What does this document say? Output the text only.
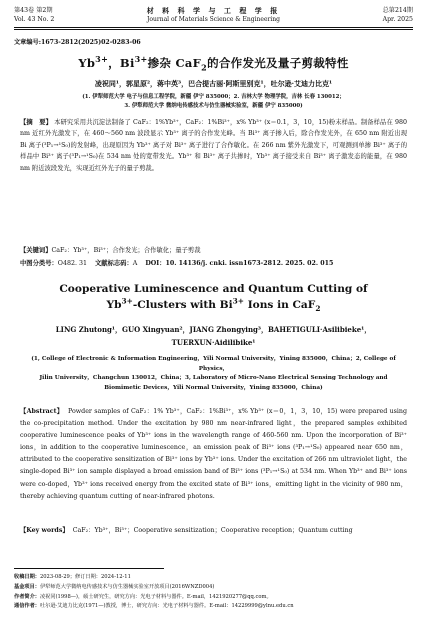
第43卷 第2期
Vol. 43 No. 2
材 料 科 学 与 工 程 学 报
Journal of Materials Science & Engineering
总第214期
Apr. 2025
文章编号:1673-2812(2025)02-0283-06
$Yb^{3+}$，$Bi^{3+}$掺杂 CaF$_2$的合作发光及量子剪裁特性
凌祝同¹，郭星原²，蒋中英³，巴合提古丽·阿斯里别克¹，吐尔逊·艾迪力比克¹
(1. 伊犁师范大学 电子与信息工程学院，新疆 伊宁 835000；2. 吉林大学 物理学院，吉林 长春 130012；
3. 伊犁师范大学 微纳电传感技术与仿生器械实验室，新疆 伊宁 835000)
【摘　要】 本研究采用共沉淀法制备了 CaF₂：1%Yb³⁺，CaF₂：1%Bi³⁺，x% Yb³⁺ (x＝0.1，3，10，15)粉末样品。制备样品在 980 nm 近红外光激发下，在 460～560 nm 波段显示 Yb³⁺ 离子的合作发光峰。当 Bi³⁺ 离子掺入后，除合作发光外，在 650 nm 附近出现 Bi 离子(³P₁→¹S₀)的发射峰，出现原因为 Yb³⁺ 离子对 Bi³⁺ 离子进行了合作敏化。在 266 nm 紫外光激发下，可观测到单掺 Bi³⁺ 离子的样品中 Bi³⁺ 离子(³P₁→¹S₀)在 534 nm 处的宽带发光。Yb³⁺ 和 Bi³⁺ 离子共掺时，Yb³⁺ 离子接受来自 Bi³⁺ 离子激发态的能量，在 980 nm 附近波段发光，实现近红外光子的量子剪裁。
【关键词】CaF₂：Yb³⁺，Bi³⁺；合作发光；合作敏化；量子剪裁
中图分类号：O482. 31 文献标志码：A DOI：10. 14136/j. cnki. issn1673-2812. 2025. 02. 015
Cooperative Luminescence and Quantum Cutting of
$Yb^{3+}$-Clusters with $Bi^{3+}$ Ions in CaF$_2$
LING Zhutong¹，GUO Xingyuan²，JIANG Zhongying³，BAHETIGULI·Asilibieke¹，
TUERXUN·Aidilibike¹
(1, College of Electronic & Information Engineering，Yili Normal University，Yining 835000，China；2, College of Physics，
Jilin University，Changchun 130012，China；3, Laboratory of Micro-Nano Electrical Sensing Technology and
Biomimetic Devices，Yili Normal University，Yining 835000，China)
【Abstract】 Powder samples of CaF₂：1% Yb³⁺，CaF₂：1%Bi³⁺，x% Yb³⁺ (x＝0，1，3，10，15) were prepared using the co-precipitation method. Under the excitation by 980 nm near-infrared light，the prepared samples exhibited cooperative luminescence peaks of Yb³⁺ ions in the wavelength range of 460-560 nm. Upon the incorporation of Bi³⁺ ions，in addition to the cooperative luminescence，an emission peak of Bi³⁺ ions (³P₁→¹S₀) appeared near 650 nm，attributed to the cooperative sensitization of Bi³⁺ ions by Yb³⁺ ions. Under the excitation of 266 nm ultraviolet light，the single-doped Bi³⁺ ion sample displayed a broad emission band of Bi³⁺ ions (³P₁→¹S₀) at 534 nm. When Yb³⁺ and Bi³⁺ ions were co-doped，Yb³⁺ ions received energy from the excited state of Bi³⁺ ions，emitting light in the vicinity of 980 nm，thereby achieving quantum cutting of near-infrared photons.
【Key words】 CaF₂：Yb³⁺，Bi³⁺；Cooperative sensitization；Cooperative reception；Quantum cutting
收稿日期：2023-08-29；修订日期：2024-12-11
基金项目：伊犁师范大学微纳电传感技术与仿生器械实验室开放项目(2016WNZD004)
作者简介：凌祝同(1998—)，硕士研究生，研究方向：光电子材料与器件。E-mail，1421920277@qq.com。
通信作者：吐尔逊·艾迪力比克(1971—)教授，博士，研究方向：光电子材料与器件。E-mail：14229999@ylnu.edu.cn
